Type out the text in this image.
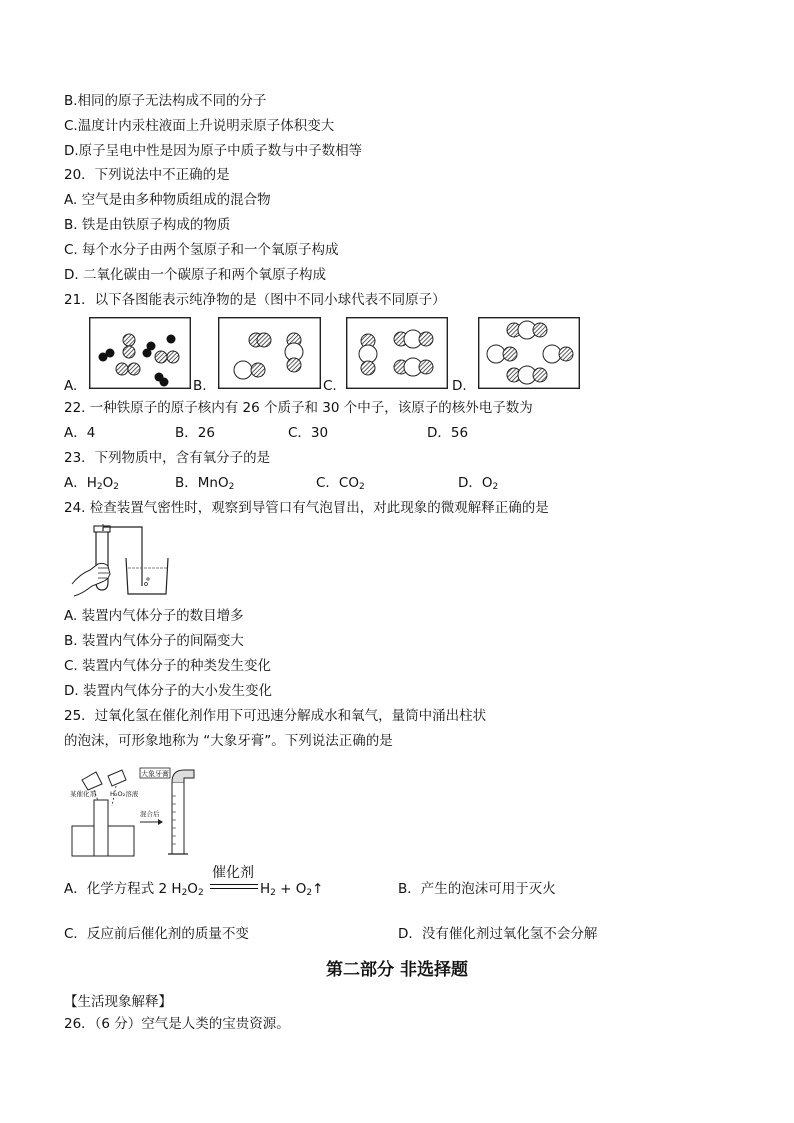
B.相同的原子无法构成不同的分子
C.温度计内汞柱液面上升说明汞原子体积变大
D.原子呈电中性是因为原子中质子数与中子数相等
20．下列说法中不正确的是
A. 空气是由多种物质组成的混合物
B. 铁是由铁原子构成的物质
C. 每个水分子由两个氢原子和一个氧原子构成
D. 二氧化碳由一个碳原子和两个氧原子构成
21．以下各图能表示纯净物的是（图中不同小球代表不同原子）
A.	B.	C.	D.
22. 一种铁原子的原子核内有 26 个质子和 30 个中子，该原子的核外电子数为
A．4	B．26	C．30	D．56
23．下列物质中，含有氧分子的是
A．$H_2O_2$	B．MnO$_2$	C．$CO_2$	D．$O_2$
24. 检查装置气密性时，观察到导管口有气泡冒出，对此现象的微观解释正确的是
A. 装置内气体分子的数目增多
B. 装置内气体分子的间隔变大
C. 装置内气体分子的种类发生变化
D. 装置内气体分子的大小发生变化
25．过氧化氢在催化剂作用下可迅速分解成水和氧气，量筒中涌出柱状
的泡沫，可形象地称为 “大象牙膏”。下列说法正确的是
大象牙膏
某催化剂 H₂O₂溶液
混合后
A．化学方程式 2 $H_2O_2$
催化剂
$H_2$ + $O_2↑$	B．产生的泡沫可用于灭火
C．反应前后催化剂的质量不变	D．没有催化剂过氧化氢不会分解
第二部分 非选择题
【生活现象解释】
26．（6 分）空气是人类的宝贵资源。
